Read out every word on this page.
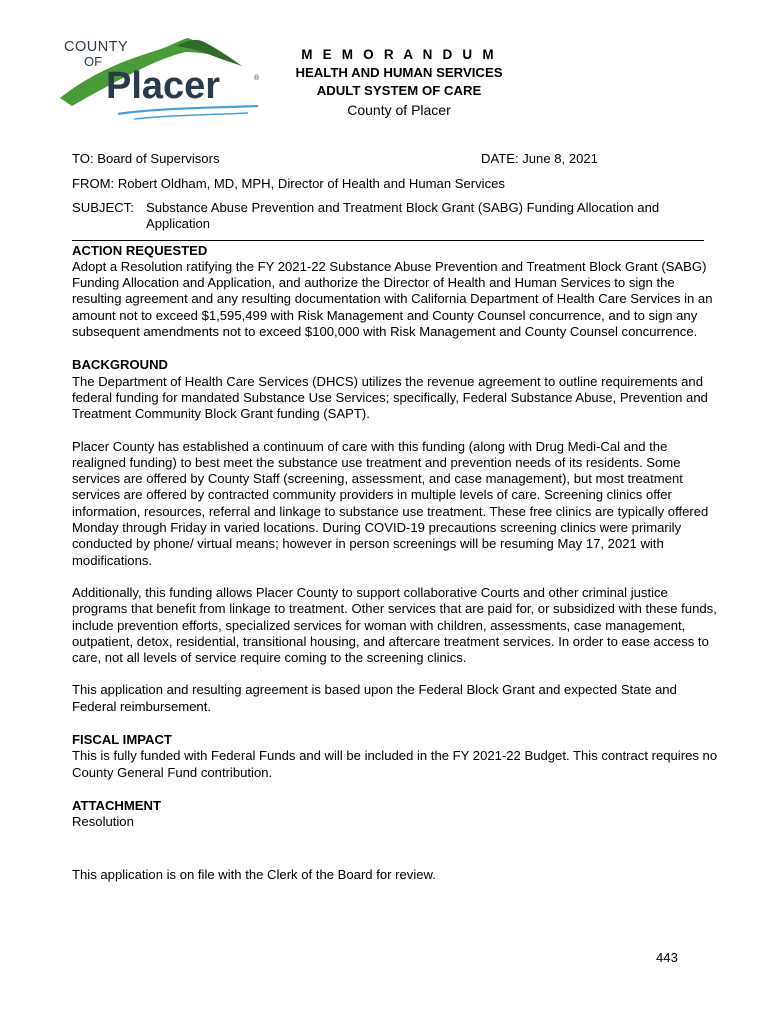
COUNTY
OF
Placer	®
M E M O R A N D U M
HEALTH AND HUMAN SERVICES
ADULT SYSTEM OF CARE
County of Placer
TO: Board of Supervisors	DATE: June 8, 2021
FROM: Robert Oldham, MD, MPH, Director of Health and Human Services
SUBJECT: Substance Abuse Prevention and Treatment Block Grant (SABG) Funding Allocation and Application
ACTION REQUESTED

Adopt a Resolution ratifying the FY 2021-22 Substance Abuse Prevention and Treatment Block Grant (SABG) Funding Allocation and Application, and authorize the Director of Health and Human Services to sign the resulting agreement and any resulting documentation with California Department of Health Care Services in an amount not to exceed $1,595,499 with Risk Management and County Counsel concurrence, and to sign any subsequent amendments not to exceed $100,000 with Risk Management and County Counsel concurrence.

BACKGROUND

The Department of Health Care Services (DHCS) utilizes the revenue agreement to outline requirements and federal funding for mandated Substance Use Services; specifically, Federal Substance Abuse, Prevention and Treatment Community Block Grant funding (SAPT).

Placer County has established a continuum of care with this funding (along with Drug Medi-Cal and the realigned funding) to best meet the substance use treatment and prevention needs of its residents. Some services are offered by County Staff (screening, assessment, and case management), but most treatment services are offered by contracted community providers in multiple levels of care. Screening clinics offer information, resources, referral and linkage to substance use treatment. These free clinics are typically offered Monday through Friday in varied locations. During COVID-19 precautions screening clinics were primarily conducted by phone/ virtual means; however in person screenings will be resuming May 17, 2021 with modifications.

Additionally, this funding allows Placer County to support collaborative Courts and other criminal justice programs that benefit from linkage to treatment. Other services that are paid for, or subsidized with these funds, include prevention efforts, specialized services for woman with children, assessments, case management, outpatient, detox, residential, transitional housing, and aftercare treatment services. In order to ease access to care, not all levels of service require coming to the screening clinics.

This application and resulting agreement is based upon the Federal Block Grant and expected State and Federal reimbursement.

FISCAL IMPACT

This is fully funded with Federal Funds and will be included in the FY 2021-22 Budget. This contract requires no County General Fund contribution.

ATTACHMENT

Resolution

This application is on file with the Clerk of the Board for review.

443
